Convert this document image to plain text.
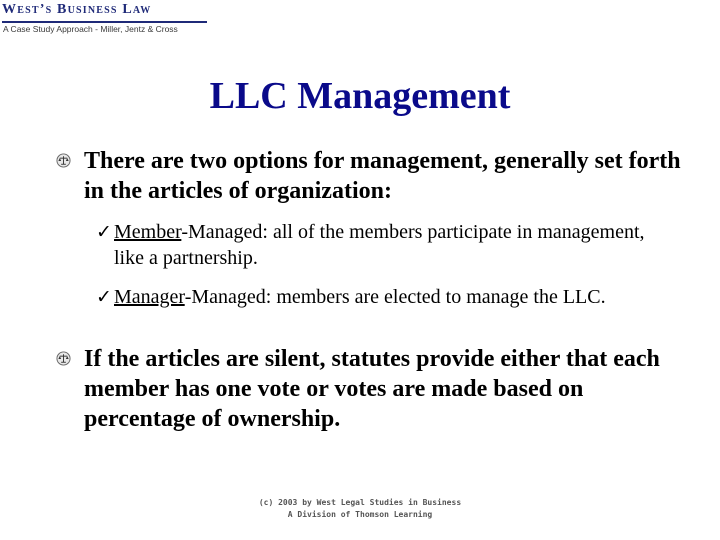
West’s Business Law
A Case Study Approach - Miller, Jentz & Cross
LLC Management
There are two options for management, generally set forth in the articles of organization:
✓ Member-Managed: all of the members participate in management, like a partnership.
✓ Manager-Managed: members are elected to manage the LLC.
If the articles are silent, statutes provide either that each member has one vote or votes are made based on percentage of ownership.
(c) 2003 by West Legal Studies in Business
A Division of Thomson Learning
